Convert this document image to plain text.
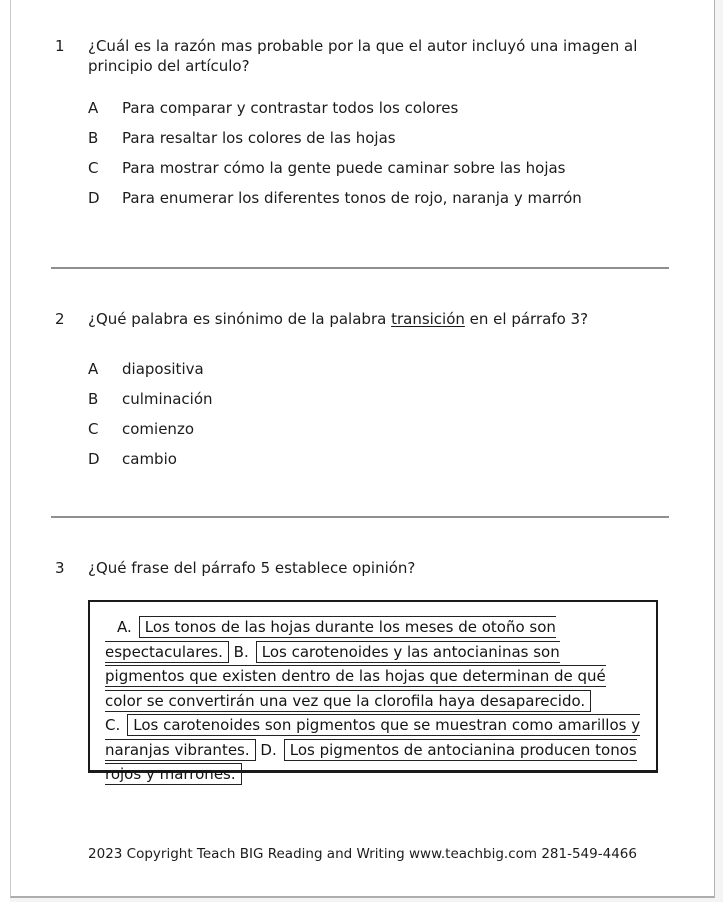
1	¿Cuál es la razón mas probable por la que el autor incluyó una imagen al principio del artículo?
A	Para comparar y contrastar todos los colores
B	Para resaltar los colores de las hojas
C	Para mostrar cómo la gente puede caminar sobre las hojas
D	Para enumerar los diferentes tonos de rojo, naranja y marrón
2	¿Qué palabra es sinónimo de la palabra transición en el párrafo 3?
A	diapositiva
B	culminación
C	comienzo
D	cambio
3	¿Qué frase del párrafo 5 establece opinión?

A. Los tonos de las hojas durante los meses de otoño son espectaculares. B. Los carotenoides y las antocianinas son pigmentos que existen dentro de las hojas que determinan de qué color se convertirán una vez que la clorofila haya desaparecido. C. Los carotenoides son pigmentos que se muestran como amarillos y naranjas vibrantes. D. Los pigmentos de antocianina producen tonos rojos y marrones.

2023 Copyright Teach BIG Reading and Writing www.teachbig.com 281-549-4466
